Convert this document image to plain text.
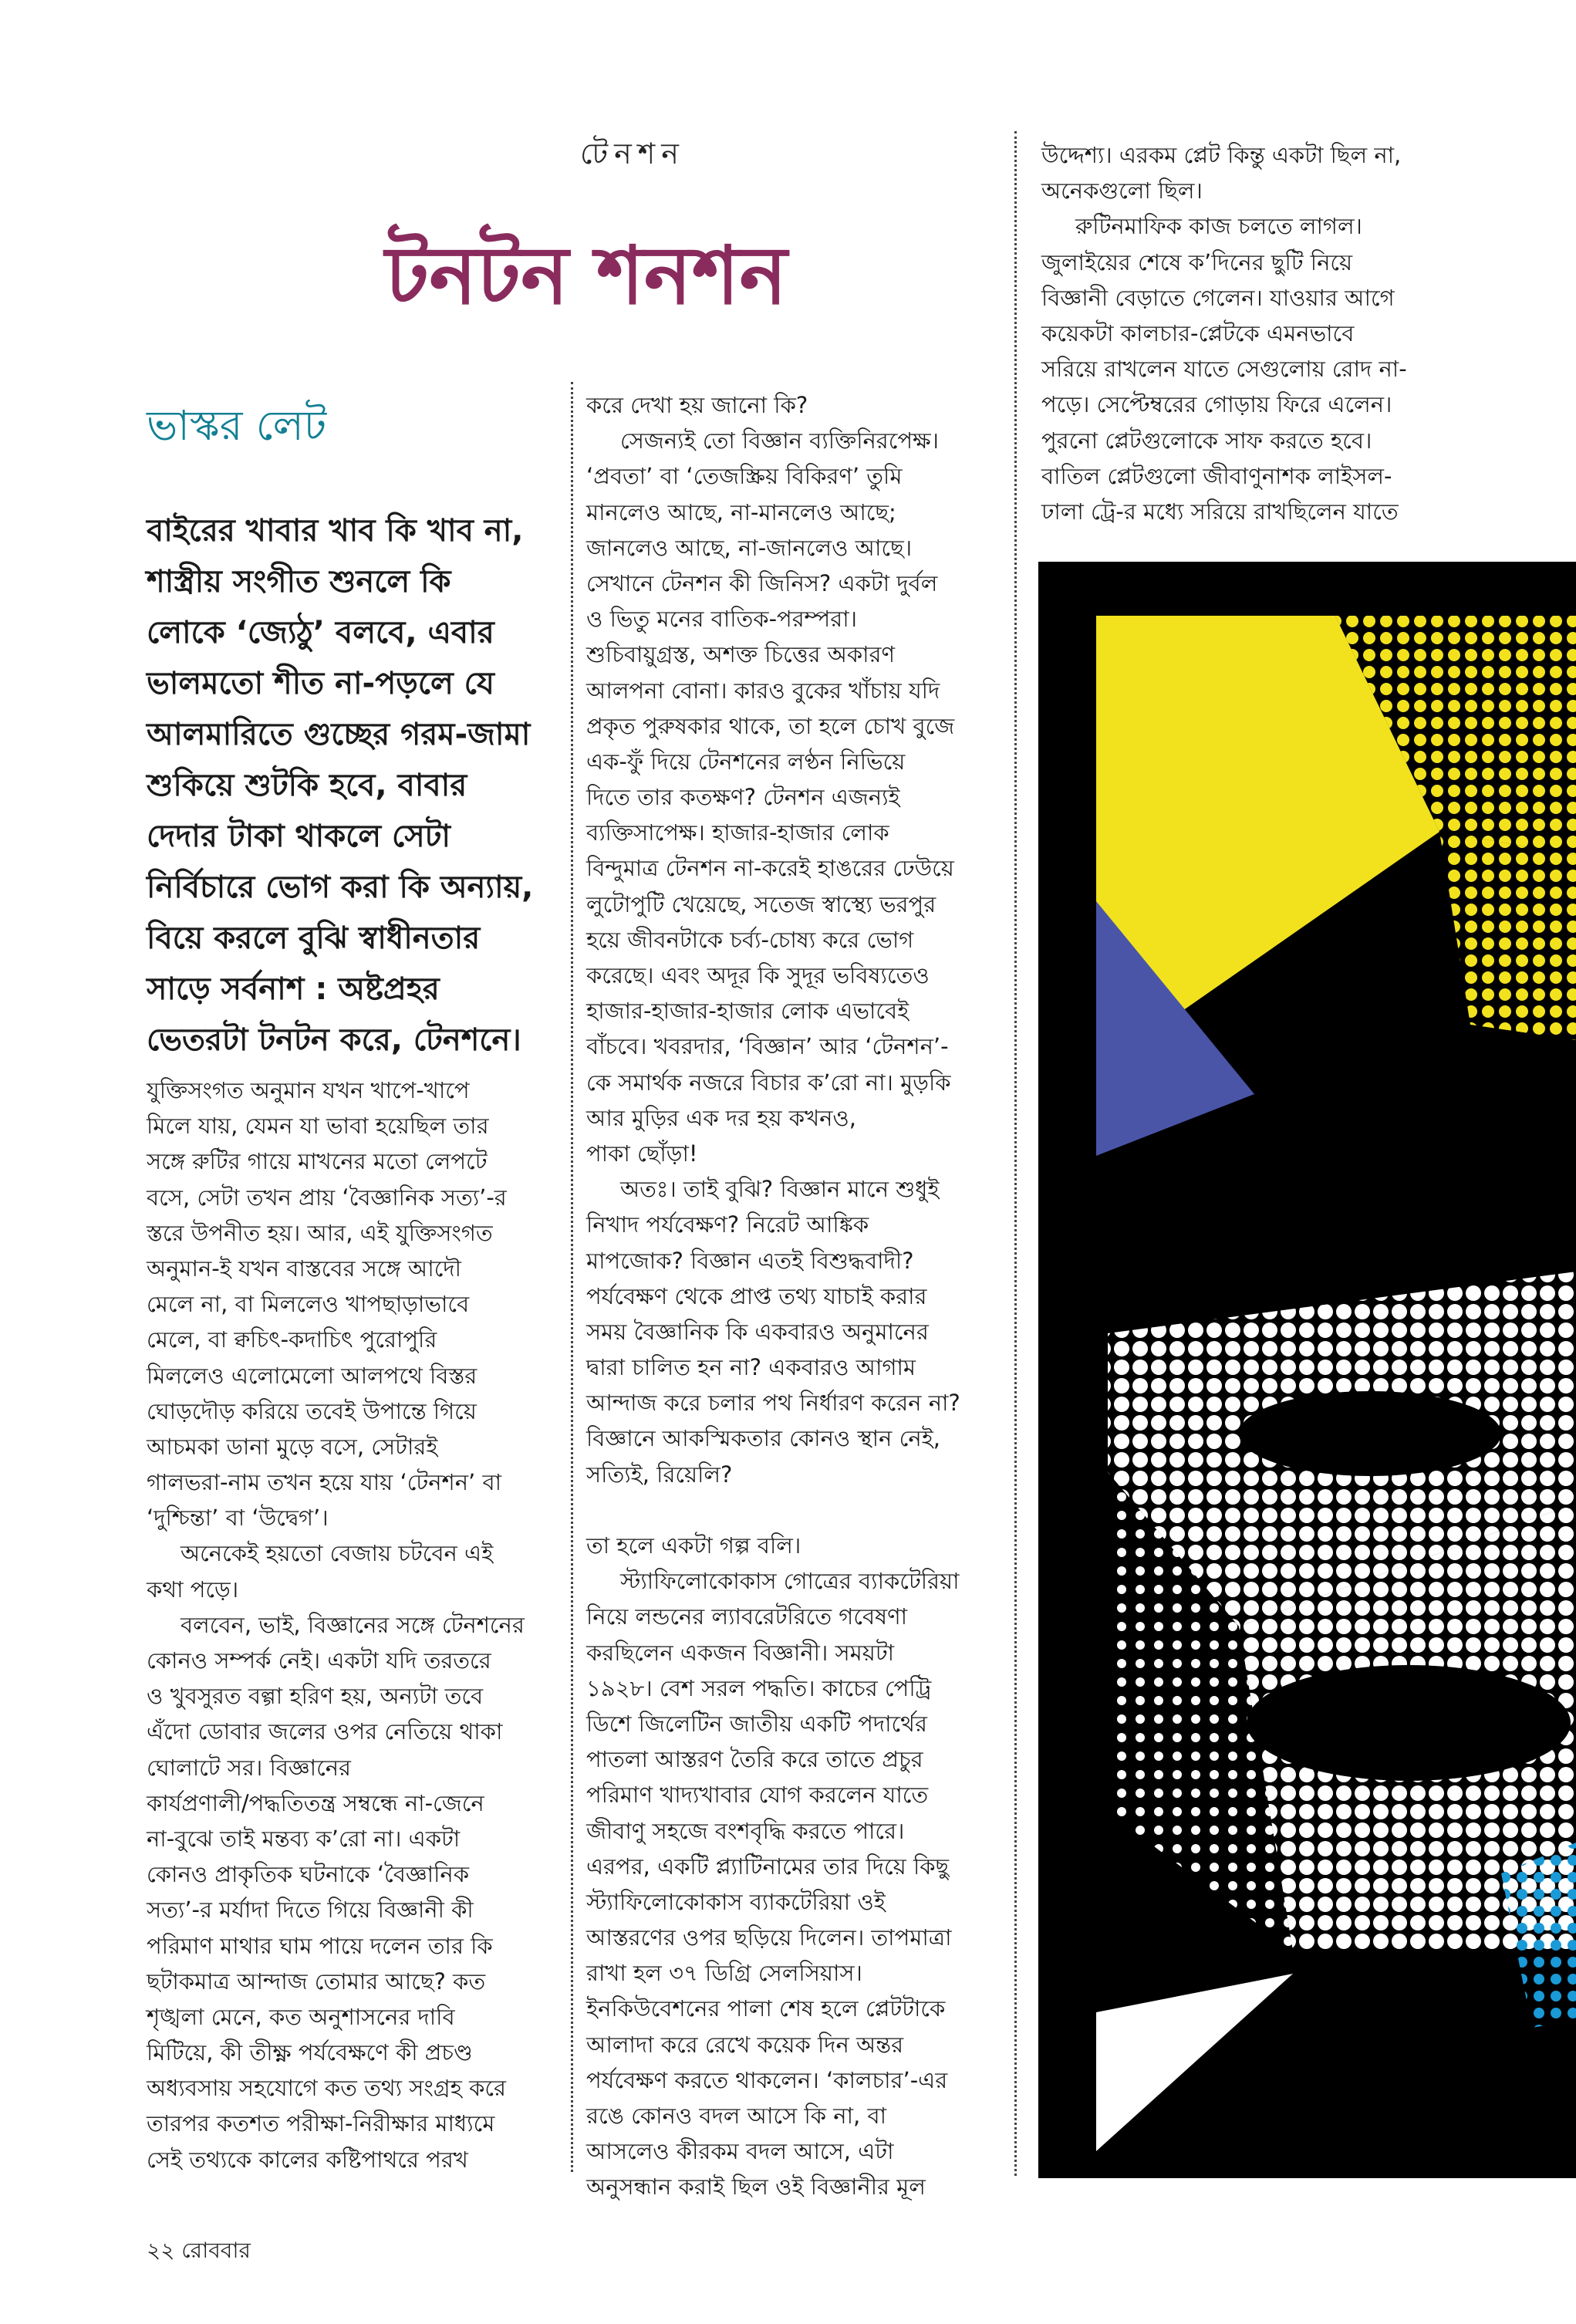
টেনশন
টনটন শনশন
ভাস্কর লেট
বাইরের খাবার খাব কি খাব না,
শাস্ত্রীয় সংগীত শুনলে কি
লোকে ‘জ্যেঠু’ বলবে, এবার
ভালমতো শীত না-পড়লে যে
আলমারিতে গুচ্ছের গরম-জামা
শুকিয়ে শুটকি হবে, বাবার
দেদার টাকা থাকলে সেটা
নির্বিচারে ভোগ করা কি অন্যায়,
বিয়ে করলে বুঝি স্বাধীনতার
সাড়ে সর্বনাশ : অষ্টপ্রহর
ভেতরটা টনটন করে, টেনশনে।
যুক্তিসংগত অনুমান যখন খাপে-খাপে
মিলে যায়, যেমন যা ভাবা হয়েছিল তার
সঙ্গে রুটির গায়ে মাখনের মতো লেপটে
বসে, সেটা তখন প্রায় ‘বৈজ্ঞানিক সত্য’-র
স্তরে উপনীত হয়। আর, এই যুক্তিসংগত
অনুমান-ই যখন বাস্তবের সঙ্গে আদৌ
মেলে না, বা মিললেও খাপছাড়াভাবে
মেলে, বা ক্বচিৎ-কদাচিৎ পুরোপুরি
মিললেও এলোমেলো আলপথে বিস্তর
ঘোড়দৌড় করিয়ে তবেই উপান্তে গিয়ে
আচমকা ডানা মুড়ে বসে, সেটারই
গালভরা-নাম তখন হয়ে যায় ‘টেনশন’ বা
‘দুশ্চিন্তা’ বা ‘উদ্বেগ’।
অনেকেই হয়তো বেজায় চটবেন এই
কথা পড়ে।
বলবেন, ভাই, বিজ্ঞানের সঙ্গে টেনশনের
কোনও সম্পর্ক নেই। একটা যদি তরতরে
ও খুবসুরত বল্গা হরিণ হয়, অন্যটা তবে
এঁদো ডোবার জলের ওপর নেতিয়ে থাকা
ঘোলাটে সর। বিজ্ঞানের
কার্যপ্রণালী/পদ্ধতিতন্ত্র সম্বন্ধে না-জেনে
না-বুঝে তাই মন্তব্য ক’রো না। একটা
কোনও প্রাকৃতিক ঘটনাকে ‘বৈজ্ঞানিক
সত্য’-র মর্যাদা দিতে গিয়ে বিজ্ঞানী কী
পরিমাণ মাথার ঘাম পায়ে দলেন তার কি
ছটাকমাত্র আন্দাজ তোমার আছে? কত
শৃঙ্খলা মেনে, কত অনুশাসনের দাবি
মিটিয়ে, কী তীক্ষ্ণ পর্যবেক্ষণে কী প্রচণ্ড
অধ্যবসায় সহযোগে কত তথ্য সংগ্রহ করে
তারপর কতশত পরীক্ষা-নিরীক্ষার মাধ্যমে
সেই তথ্যকে কালের কষ্টিপাথরে পরখ
করে দেখা হয় জানো কি?
সেজন্যই তো বিজ্ঞান ব্যক্তিনিরপেক্ষ।
‘প্রবতা’ বা ‘তেজস্ক্রিয় বিকিরণ’ তুমি
মানলেও আছে, না-মানলেও আছে;
জানলেও আছে, না-জানলেও আছে।
সেখানে টেনশন কী জিনিস? একটা দুর্বল
ও ভিতু মনের বাতিক-পরম্পরা।
শুচিবায়ুগ্রস্ত, অশক্ত চিত্তের অকারণ
আলপনা বোনা। কারও বুকের খাঁচায় যদি
প্রকৃত পুরুষকার থাকে, তা হলে চোখ বুজে
এক-ফুঁ দিয়ে টেনশনের লণ্ঠন নিভিয়ে
দিতে তার কতক্ষণ? টেনশন এজন্যই
ব্যক্তিসাপেক্ষ। হাজার-হাজার লোক
বিন্দুমাত্র টেনশন না-করেই হাঙরের ঢেউয়ে
লুটোপুটি খেয়েছে, সতেজ স্বাস্থ্যে ভরপুর
হয়ে জীবনটাকে চর্ব্য-চোষ্য করে ভোগ
করেছে। এবং অদূর কি সুদূর ভবিষ্যতেও
হাজার-হাজার-হাজার লোক এভাবেই
বাঁচবে। খবরদার, ‘বিজ্ঞান’ আর ‘টেনশন’-
কে সমার্থক নজরে বিচার ক’রো না। মুড়কি
আর মুড়ির এক দর হয় কখনও,
পাকা ছোঁড়া!
অতঃ। তাই বুঝি? বিজ্ঞান মানে শুধুই
নিখাদ পর্যবেক্ষণ? নিরেট আঙ্কিক
মাপজোক? বিজ্ঞান এতই বিশুদ্ধবাদী?
পর্যবেক্ষণ থেকে প্রাপ্ত তথ্য যাচাই করার
সময় বৈজ্ঞানিক কি একবারও অনুমানের
দ্বারা চালিত হন না? একবারও আগাম
আন্দাজ করে চলার পথ নির্ধারণ করেন না?
বিজ্ঞানে আকস্মিকতার কোনও স্থান নেই,
সত্যিই, রিয়েলি?
তা হলে একটা গল্প বলি।
স্ট্যাফিলোকোকাস গোত্রের ব্যাকটেরিয়া
নিয়ে লন্ডনের ল্যাবরেটরিতে গবেষণা
করছিলেন একজন বিজ্ঞানী। সময়টা
১৯২৮। বেশ সরল পদ্ধতি। কাচের পেট্রি
ডিশে জিলেটিন জাতীয় একটি পদার্থের
পাতলা আস্তরণ তৈরি করে তাতে প্রচুর
পরিমাণ খাদ্যখাবার যোগ করলেন যাতে
জীবাণু সহজে বংশবৃদ্ধি করতে পারে।
এরপর, একটি প্ল্যাটিনামের তার দিয়ে কিছু
স্ট্যাফিলোকোকাস ব্যাকটেরিয়া ওই
আস্তরণের ওপর ছড়িয়ে দিলেন। তাপমাত্রা
রাখা হল ৩৭ ডিগ্রি সেলসিয়াস।
ইনকিউবেশনের পালা শেষ হলে প্লেটটাকে
আলাদা করে রেখে কয়েক দিন অন্তর
পর্যবেক্ষণ করতে থাকলেন। ‘কালচার’-এর
রঙে কোনও বদল আসে কি না, বা
আসলেও কীরকম বদল আসে, এটা
অনুসন্ধান করাই ছিল ওই বিজ্ঞানীর মূল
উদ্দেশ্য। এরকম প্লেট কিন্তু একটা ছিল না,
অনেকগুলো ছিল।
রুটিনমাফিক কাজ চলতে লাগল।
জুলাইয়ের শেষে ক’দিনের ছুটি নিয়ে
বিজ্ঞানী বেড়াতে গেলেন। যাওয়ার আগে
কয়েকটা কালচার-প্লেটকে এমনভাবে
সরিয়ে রাখলেন যাতে সেগুলোয় রোদ না-
পড়ে। সেপ্টেম্বরের গোড়ায় ফিরে এলেন।
পুরনো প্লেটগুলোকে সাফ করতে হবে।
বাতিল প্লেটগুলো জীবাণুনাশক লাইসল-
ঢালা ট্রে-র মধ্যে সরিয়ে রাখছিলেন যাতে
২২ রোববার
